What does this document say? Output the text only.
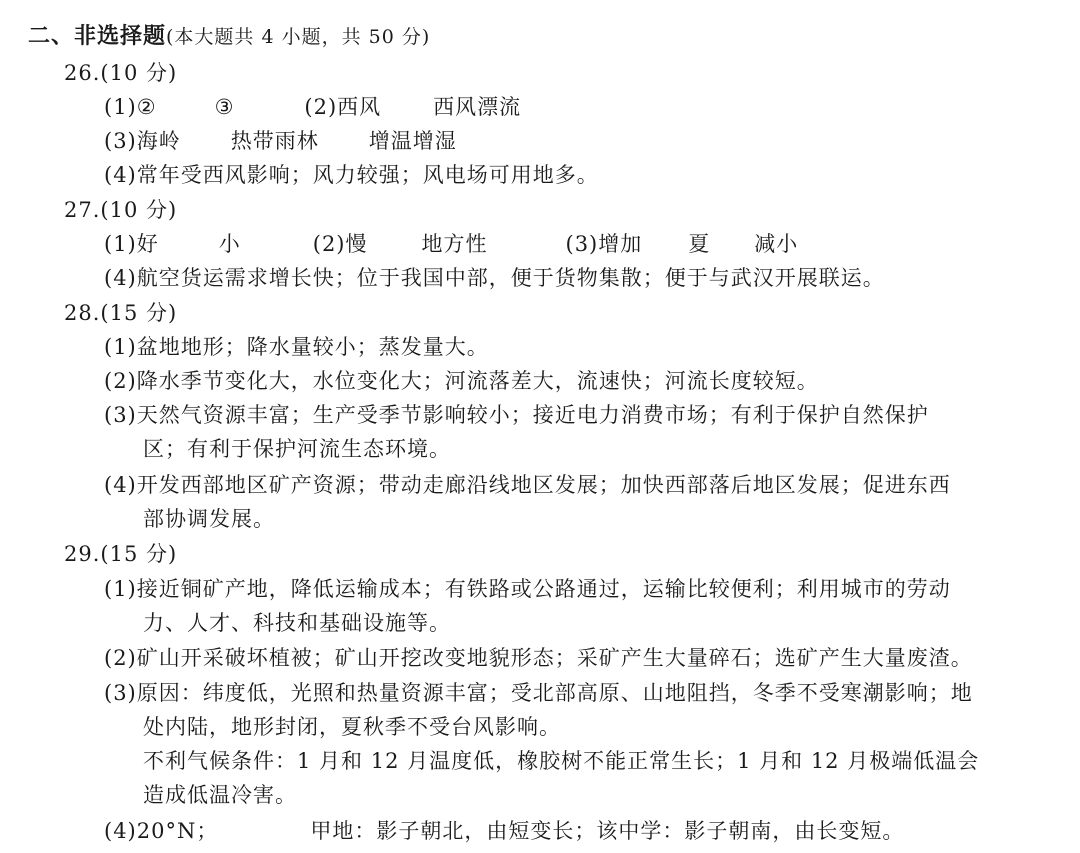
二、非选择题(本大题共 4 小题，共 50 分)
26.(10 分)
(1)②	③	(2)西风 西风漂流
(3)海岭 热带雨林 增温增湿
(4)常年受西风影响；风力较强；风电场可用地多。
27.(10 分)
(1)好	小	(2)慢	地方性	(3)增加 夏 减小
(4)航空货运需求增长快；位于我国中部，便于货物集散；便于与武汉开展联运。
28.(15 分)
(1)盆地地形；降水量较小；蒸发量大。
(2)降水季节变化大，水位变化大；河流落差大，流速快；河流长度较短。
(3)天然气资源丰富；生产受季节影响较小；接近电力消费市场；有利于保护自然保护
区；有利于保护河流生态环境。
(4)开发西部地区矿产资源；带动走廊沿线地区发展；加快西部落后地区发展；促进东西
部协调发展。
29.(15 分)
(1)接近铜矿产地，降低运输成本；有铁路或公路通过，运输比较便利；利用城市的劳动
力、人才、科技和基础设施等。
(2)矿山开采破坏植被；矿山开挖改变地貌形态；采矿产生大量碎石；选矿产生大量废渣。
(3)原因：纬度低，光照和热量资源丰富；受北部高原、山地阻挡，冬季不受寒潮影响；地
处内陆，地形封闭，夏秋季不受台风影响。
不利气候条件：1 月和 12 月温度低，橡胶树不能正常生长；1 月和 12 月极端低温会
造成低温冷害。
(4)20°N；	甲地：影子朝北，由短变长；该中学：影子朝南，由长变短。
